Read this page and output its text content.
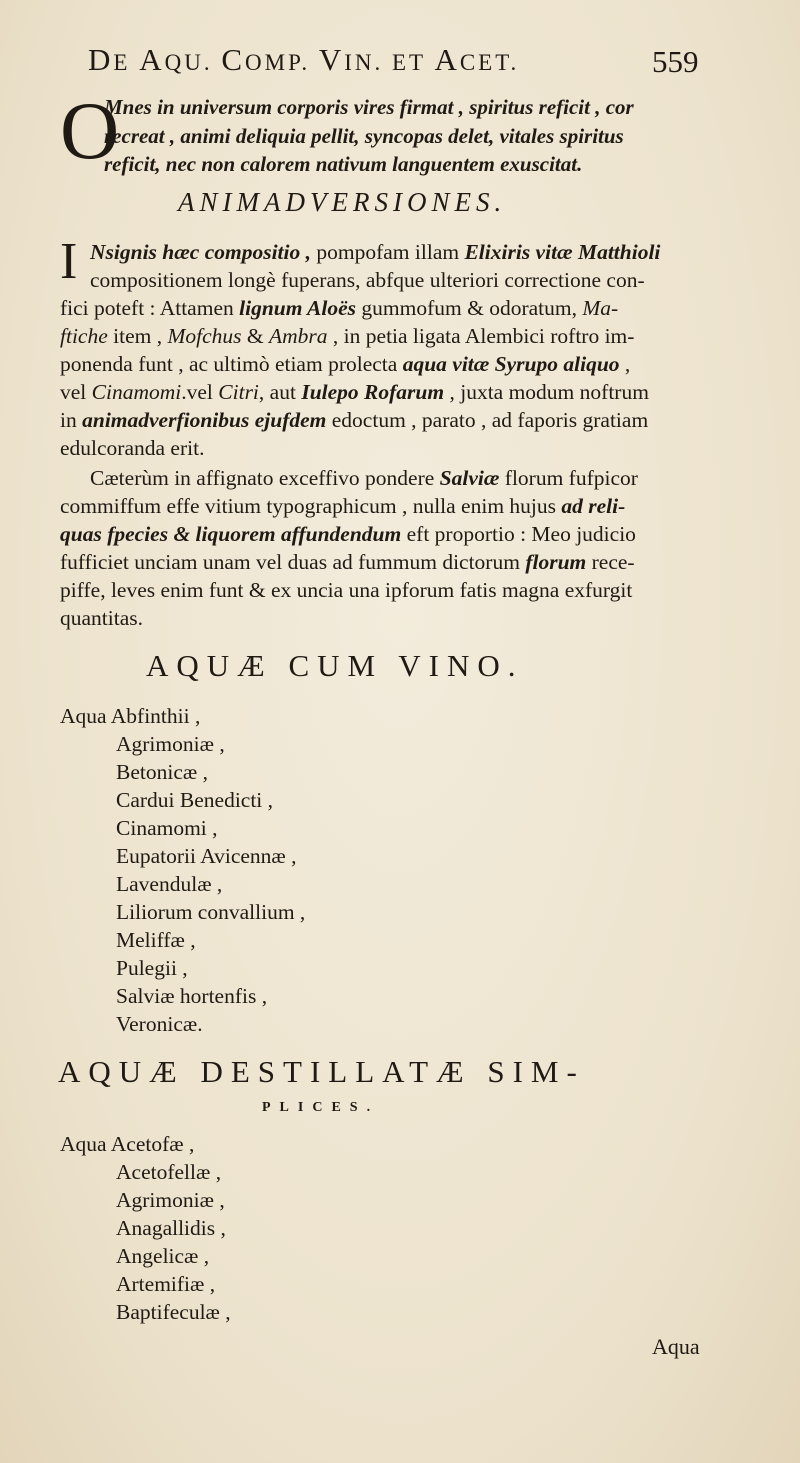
DE AQU. COMP. VIN. ET ACET.	559
O
Mnes in universum corporis vires firmat , spiritus reficit , cor
recreat , animi deliquia pellit, syncopas delet, vitales spiritus
reficit, nec non calorem nativum languentem exuscitat.
ANIMADVERSIONES.
I Nsignis hæc compositio , pompofam illam Elixiris vitæ Matthioli
compositionem longè fuperans, abfque ulteriori correctione con-
fici poteft : Attamen lignum Aloës gummofum & odoratum, Ma-
ftiche item , Mofchus & Ambra , in petia ligata Alembici roftro im-
ponenda funt , ac ultimò etiam prolecta aqua vitæ Syrupo aliquo ,
vel Cinamomi.vel Citri, aut Iulepo Rofarum , juxta modum noftrum
in animadverfionibus ejufdem edoctum , parato , ad faporis gratiam
edulcoranda erit.
Cæterùm in affignato exceffivo pondere Salviæ florum fufpicor
commiffum effe vitium typographicum , nulla enim hujus ad reli-
quas fpecies & liquorem affundendum eft proportio : Meo judicio
fufficiet unciam unam vel duas ad fummum dictorum florum rece-
piffe, leves enim funt & ex uncia una ipforum fatis magna exfurgit
quantitas.
AQUÆ CUM VINO.
Aqua Abfinthii ,
Agrimoniæ ,
Betonicæ ,
Cardui Benedicti ,
Cinamomi ,
Eupatorii Avicennæ ,
Lavendulæ ,
Liliorum convallium ,
Meliffæ ,
Pulegii ,
Salviæ hortenfis ,
Veronicæ.
AQUÆ DESTILLATÆ SIM-
PLICES.
Aqua Acetofæ ,
Acetofellæ ,
Agrimoniæ ,
Anagallidis ,
Angelicæ ,
Artemifiæ ,
Baptifeculæ ,
Aqua
